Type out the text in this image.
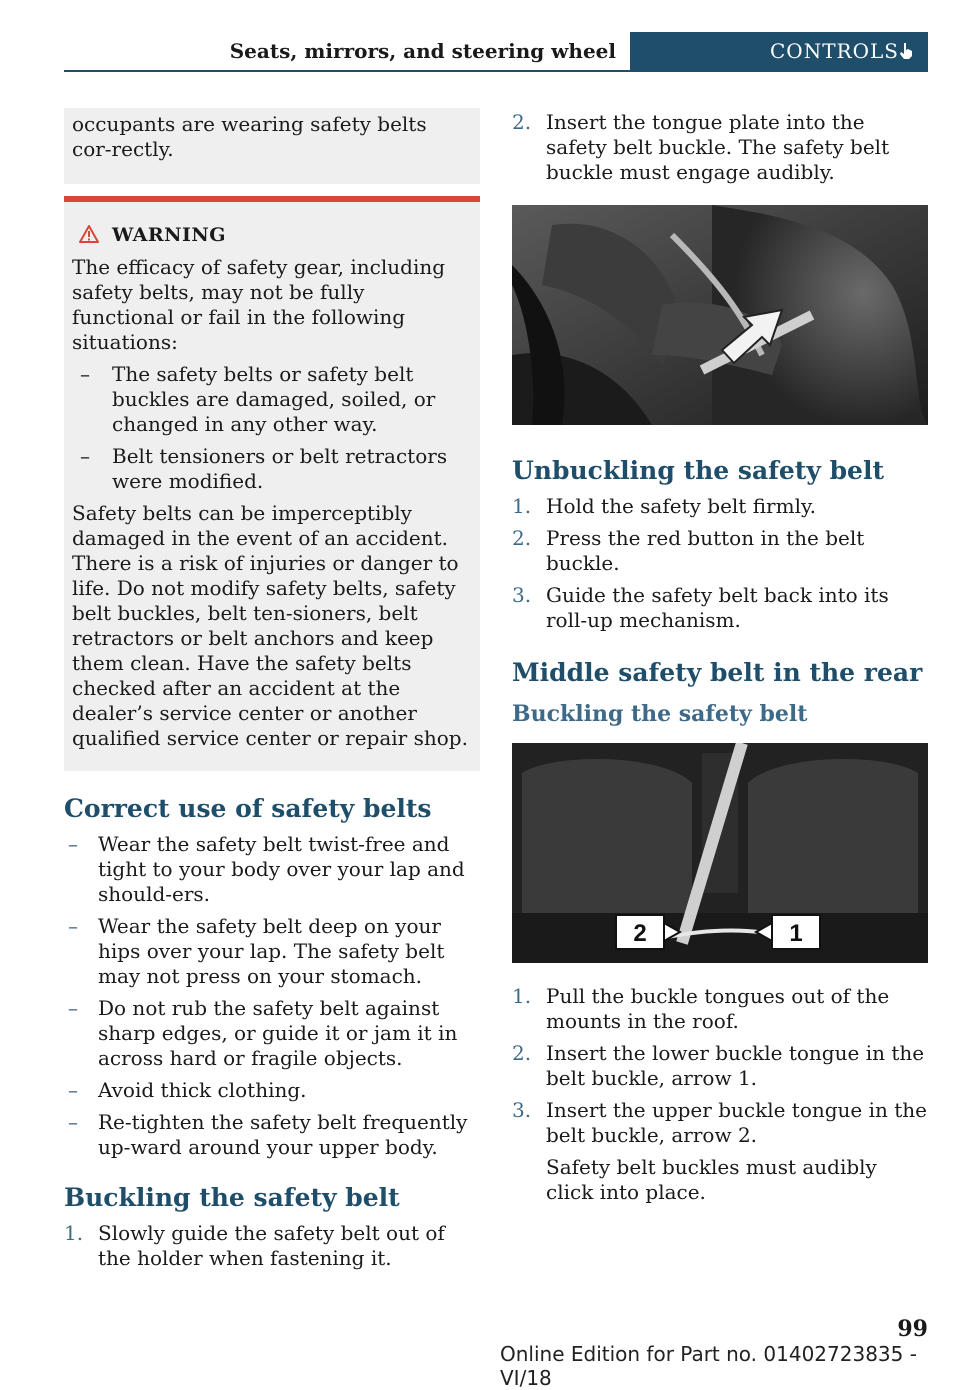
Seats, mirrors, and steering wheel	CONTROLS

occupants are wearing safety belts cor‐rectly.

WARNING
The efficacy of safety gear, including safety belts, may not be fully functional or fail in the following situations:
– The safety belts or safety belt buckles are damaged, soiled, or changed in any other way.
– Belt tensioners or belt retractors were modified.
Safety belts can be imperceptibly damaged in the event of an accident. There is a risk of injuries or danger to life. Do not modify safety belts, safety belt buckles, belt ten‐sioners, belt retractors or belt anchors and keep them clean. Have the safety belts checked after an accident at the dealer’s service center or another qualified service center or repair shop.
Correct use of safety belts
– Wear the safety belt twist-free and tight to your body over your lap and should‐ers.
– Wear the safety belt deep on your hips over your lap. The safety belt may not press on your stomach.
– Do not rub the safety belt against sharp edges, or guide it or jam it in across hard or fragile objects.
– Avoid thick clothing.
– Re-tighten the safety belt frequently up‐ward around your upper body.
Buckling the safety belt
1. Slowly guide the safety belt out of the holder when fastening it.
2. Insert the tongue plate into the safety belt buckle. The safety belt buckle must engage audibly.
Unbuckling the safety belt
1. Hold the safety belt firmly.
2. Press the red button in the belt buckle.
3. Guide the safety belt back into its roll‐up mechanism.
Middle safety belt in the rear
Buckling the safety belt
2	1
1. Pull the buckle tongues out of the mounts in the roof.
2. Insert the lower buckle tongue in the belt buckle, arrow 1.
3. Insert the upper buckle tongue in the belt buckle, arrow 2.
Safety belt buckles must audibly click into place.
99
Online Edition for Part no. 01402723835 - VI/18
